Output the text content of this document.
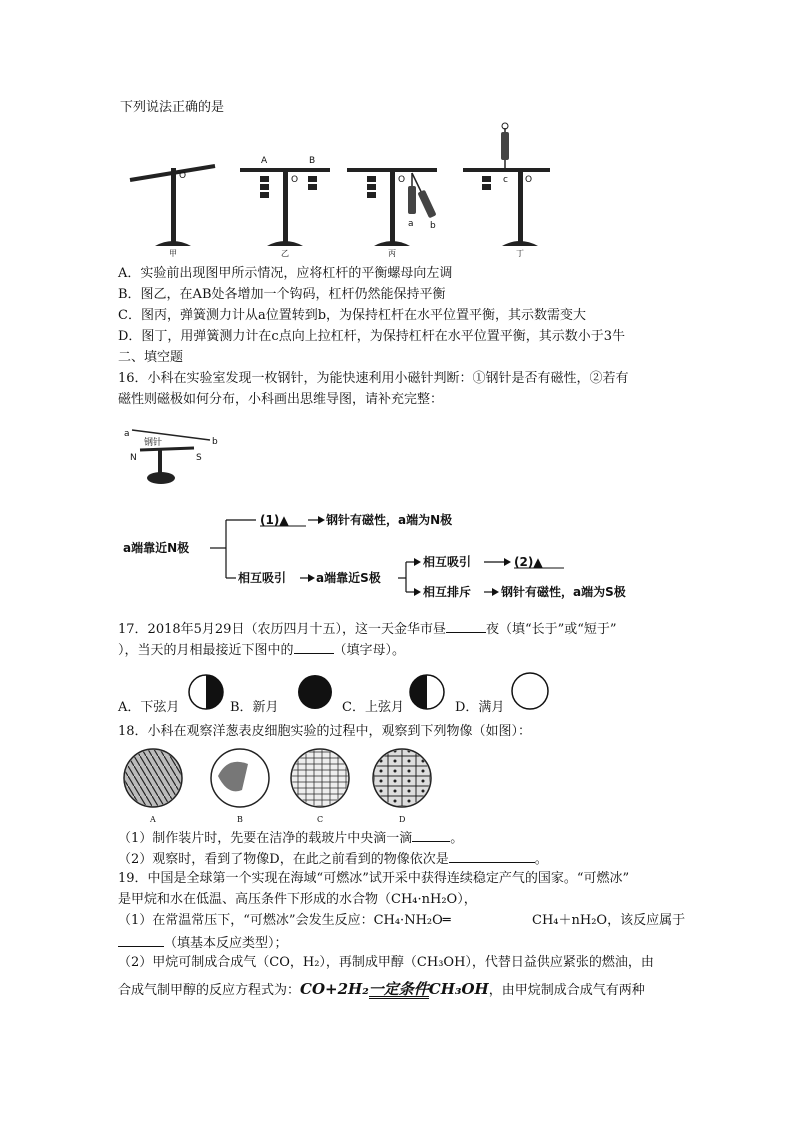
下列说法正确的是
O
甲
O
A	B
乙
O
a b
丙
O
c
丁
A．实验前出现图甲所示情况，应将杠杆的平衡螺母向左调
B．图乙，在AB处各增加一个钩码，杠杆仍然能保持平衡
C．图丙，弹簧测力计从a位置转到b，为保持杠杆在水平位置平衡，其示数需变大
D．图丁，用弹簧测力计在c点向上拉杠杆，为保持杠杆在水平位置平衡，其示数小于3牛
二、填空题
16．小科在实验室发现一枚钢针，为能快速利用小磁针判断：①钢针是否有磁性，②若有
磁性则磁极如何分布，小科画出思维导图，请补充完整：
a
b
钢针
N	S
a端靠近N极
(1)▲	钢针有磁性，a端为N极
相互吸引 a端靠近S极
相互吸引	(2)▲
相互排斥 钢针有磁性，a端为S极
17．2018年5月29日（农历四月十五），这一天金华市昼	夜（填“长于”或“短于”
），当天的月相最接近下图中的	（填字母）。
A．下弦月	B．新月	C．上弦月	D．满月
18．小科在观察洋葱表皮细胞实验的过程中，观察到下列物像（如图）：
A	B	C	D
（1）制作装片时，先要在洁净的载玻片中央滴一滴	。
（2）观察时，看到了物像D，在此之前看到的物像依次是	。
19．中国是全球第一个实现在海域“可燃冰”试开采中获得连续稳定产气的国家。“可燃冰”
是甲烷和水在低温、高压条件下形成的水合物（CH₄·nH₂O），
（1）在常温常压下，“可燃冰”会发生反应：CH₄·NH₂O═	CH₄＋nH₂O，该反应属于
（填基本反应类型）；
（2）甲烷可制成合成气（CO，H₂），再制成甲醇（CH₃OH），代替日益供应紧张的燃油，由
合成气制甲醇的反应方程式为：CO+2H₂一定条件CH₃OH，由甲烷制成合成气有两种
